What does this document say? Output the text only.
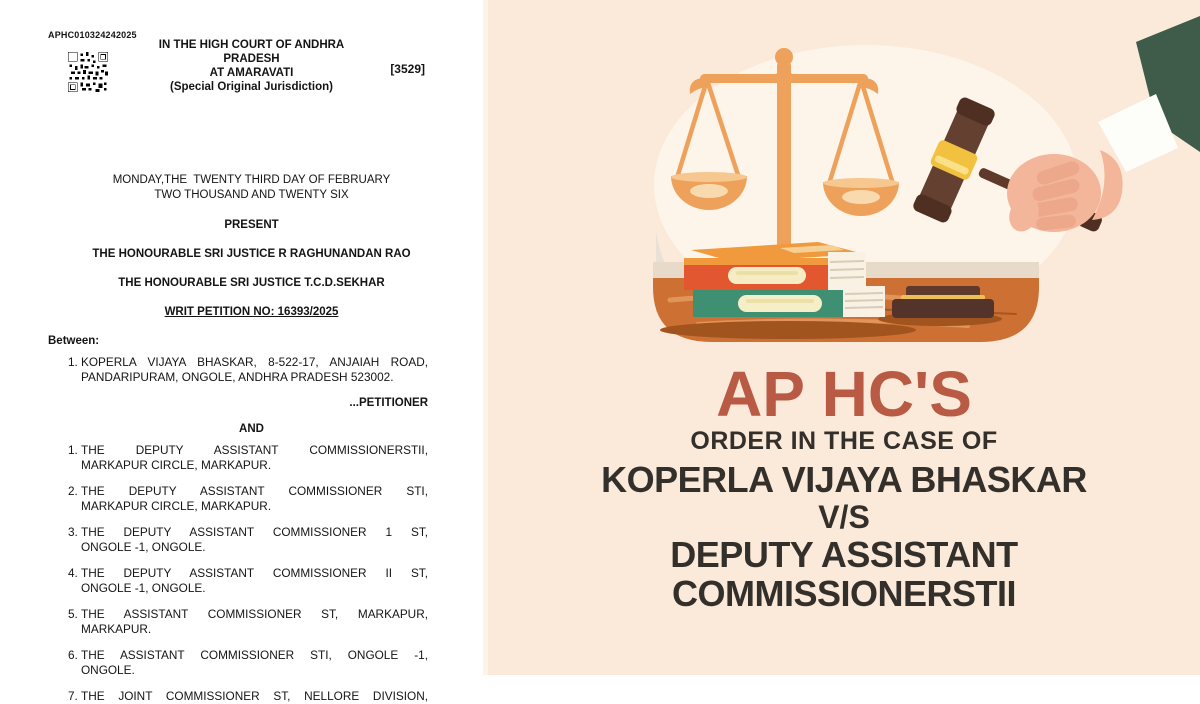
APHC010324242025
IN THE HIGH COURT OF ANDHRA PRADESH
AT AMARAVATI
(Special Original Jurisdiction)
[3529]

MONDAY,THE  TWENTY THIRD DAY OF FEBRUARY
TWO THOUSAND AND TWENTY SIX
PRESENT
THE HONOURABLE SRI JUSTICE R RAGHUNANDAN RAO
THE HONOURABLE SRI JUSTICE T.C.D.SEKHAR
WRIT PETITION NO: 16393/2025
Between:
1. KOPERLA VIJAYA BHASKAR, 8-522-17, ANJAIAH ROAD,
PANDARIPURAM, ONGOLE, ANDHRA PRADESH 523002.
...PETITIONER
AND
1. THE DEPUTY ASSISTANT COMMISSIONERSTII,
MARKAPUR CIRCLE, MARKAPUR.
2. THE DEPUTY ASSISTANT COMMISSIONER STI,
MARKAPUR CIRCLE, MARKAPUR.
3. THE DEPUTY ASSISTANT COMMISSIONER 1 ST,
ONGOLE -1, ONGOLE.
4. THE DEPUTY ASSISTANT COMMISSIONER II ST,
ONGOLE -1, ONGOLE.
5. THE ASSISTANT COMMISSIONER ST, MARKAPUR,
MARKAPUR.
6. THE ASSISTANT COMMISSIONER STI, ONGOLE -1,
ONGOLE.
7. THE JOINT COMMISSIONER ST, NELLORE DIVISION,
AP HC'S
ORDER IN THE CASE OF
KOPERLA VIJAYA BHASKAR
V/S
DEPUTY ASSISTANT
COMMISSIONERSTII
